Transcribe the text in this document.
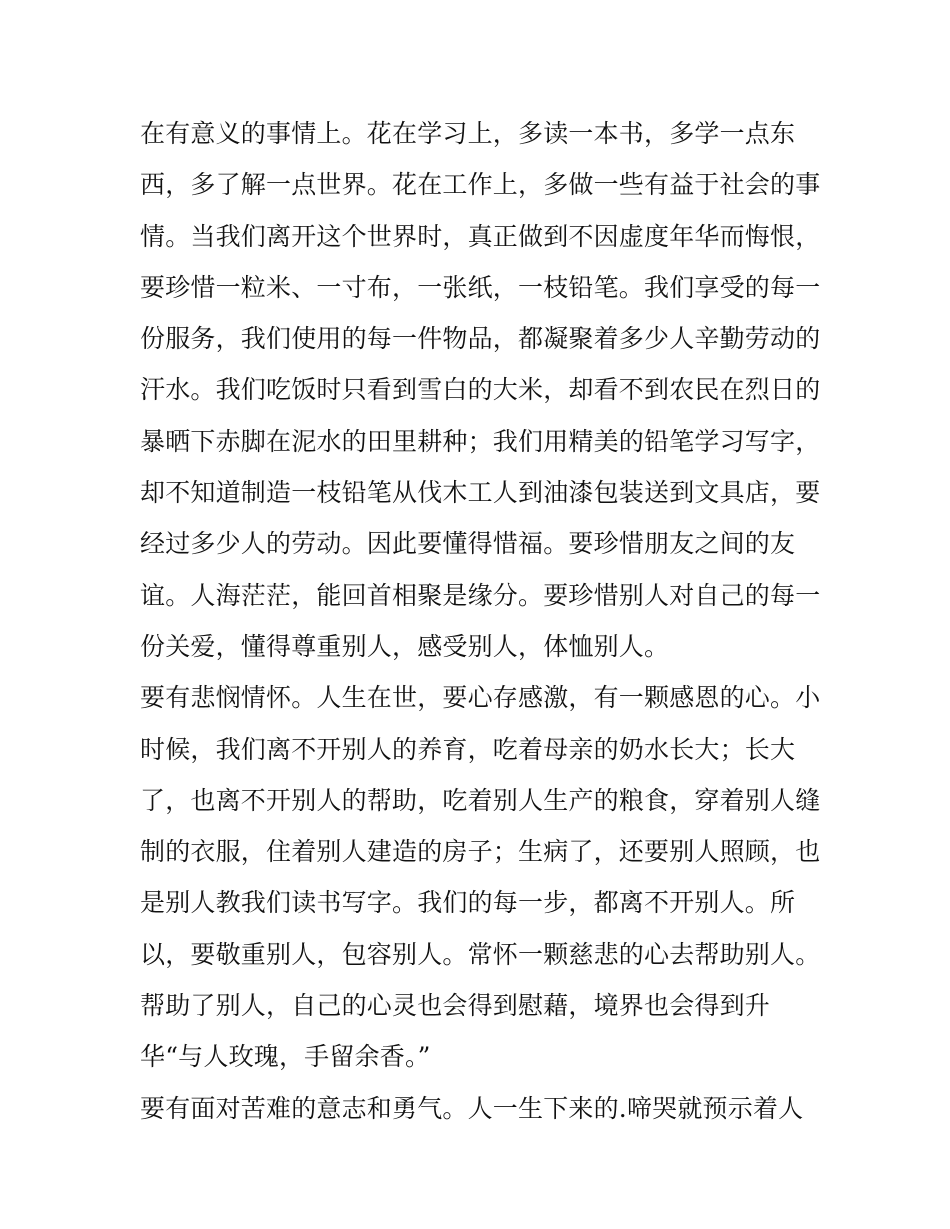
在有意义的事情上。花在学习上，多读一本书，多学一点东
西，多了解一点世界。花在工作上，多做一些有益于社会的事
情。当我们离开这个世界时，真正做到不因虚度年华而悔恨，
要珍惜一粒米、一寸布，一张纸，一枝铅笔。我们享受的每一
份服务，我们使用的每一件物品，都凝聚着多少人辛勤劳动的
汗水。我们吃饭时只看到雪白的大米，却看不到农民在烈日的
暴晒下赤脚在泥水的田里耕种；我们用精美的铅笔学习写字，
却不知道制造一枝铅笔从伐木工人到油漆包装送到文具店，要
经过多少人的劳动。因此要懂得惜福。要珍惜朋友之间的友
谊。人海茫茫，能回首相聚是缘分。要珍惜别人对自己的每一
份关爱，懂得尊重别人，感受别人，体恤别人。
要有悲悯情怀。人生在世，要心存感激，有一颗感恩的心。小
时候，我们离不开别人的养育，吃着母亲的奶水长大；长大
了，也离不开别人的帮助，吃着别人生产的粮食，穿着别人缝
制的衣服，住着别人建造的房子；生病了，还要别人照顾，也
是别人教我们读书写字。我们的每一步，都离不开别人。所
以，要敬重别人，包容别人。常怀一颗慈悲的心去帮助别人。
帮助了别人，自己的心灵也会得到慰藉，境界也会得到升
华“与人玫瑰，手留余香。”
要有面对苦难的意志和勇气。人一生下来的.啼哭就预示着人
